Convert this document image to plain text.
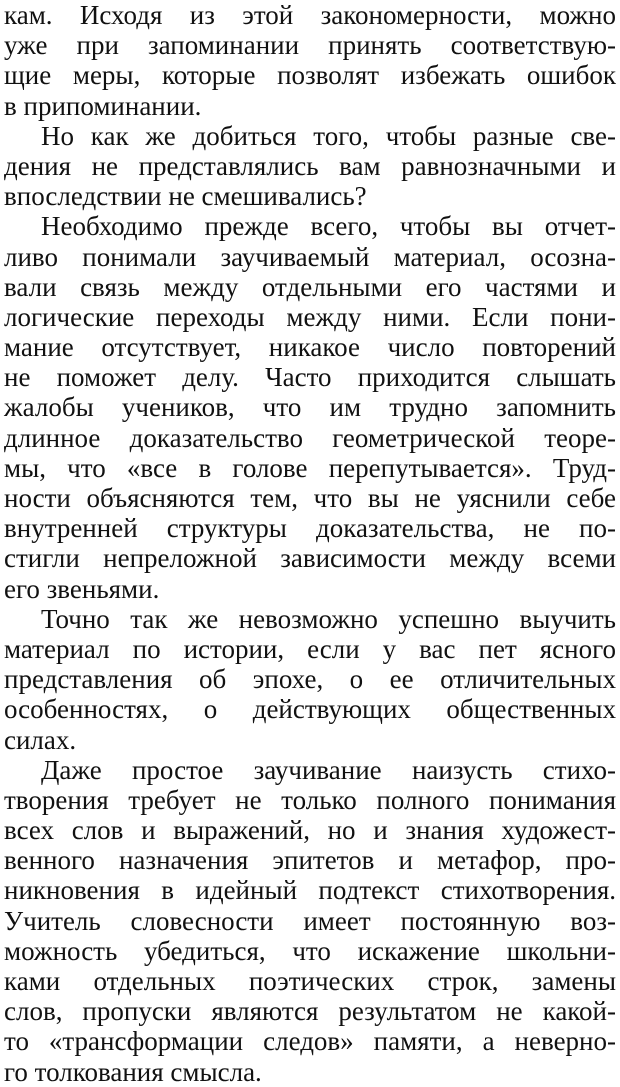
кам. Исходя из этой закономерности, можно
уже при запоминании принять соответствую-
щие меры, которые позволят избежать ошибок
в припоминании.
Но как же добиться того, чтобы разные све-
дения не представлялись вам равнозначными и
впоследствии не смешивались?
Необходимо прежде всего, чтобы вы отчет-
ливо понимали заучиваемый материал, осозна-
вали связь между отдельными его частями и
логические переходы между ними. Если пони-
мание отсутствует, никакое число повторений
не поможет делу. Часто приходится слышать
жалобы учеников, что им трудно запомнить
длинное доказательство геометрической теоре-
мы, что «все в голове перепутывается». Труд-
ности объясняются тем, что вы не уяснили себе
внутренней структуры доказательства, не по-
стигли непреложной зависимости между всеми
его звеньями.
Точно так же невозможно успешно выучить
материал по истории, если у вас пет ясного
представления об эпохе, о ее отличительных
особенностях, о действующих общественных
силах.
Даже простое заучивание наизусть стихо-
творения требует не только полного понимания
всех слов и выражений, но и знания художест-
венного назначения эпитетов и метафор, про-
никновения в идейный подтекст стихотворения.
Учитель словесности имеет постоянную воз-
можность убедиться, что искажение школьни-
ками отдельных поэтических строк, замены
слов, пропуски являются результатом не какой-
то «трансформации следов» памяти, а неверно-
го толкования смысла.
